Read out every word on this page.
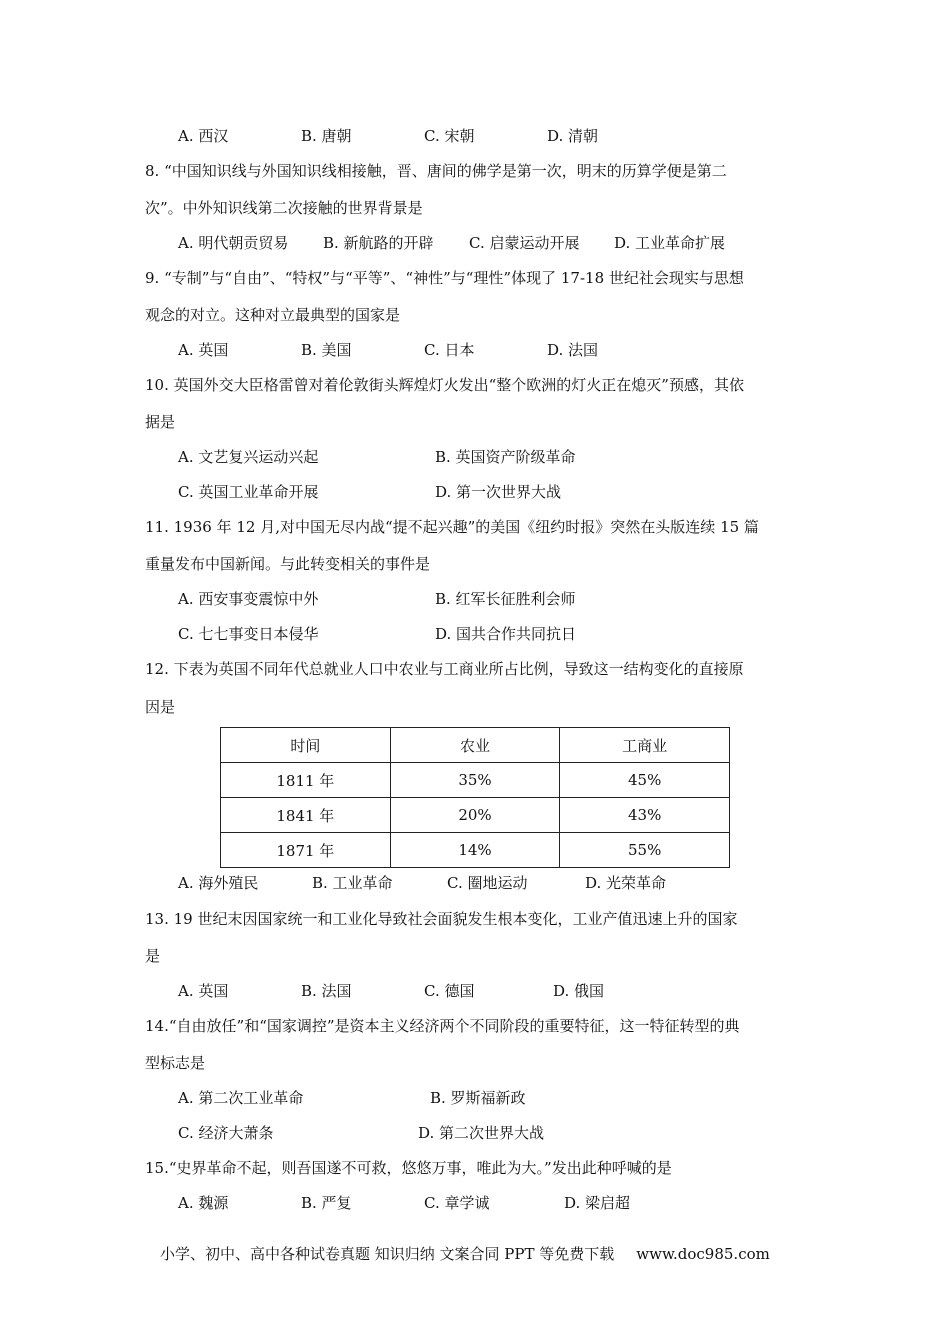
A. 西汉	B. 唐朝	C. 宋朝	D. 清朝
8. “中国知识线与外国知识线相接触，晋、唐间的佛学是第一次，明末的历算学便是第二
次”。中外知识线第二次接触的世界背景是
A. 明代朝贡贸易 B. 新航路的开辟 C. 启蒙运动开展 D. 工业革命扩展
9. “专制”与“自由”、“特权”与“平等”、“神性”与“理性”体现了 17-18 世纪社会现实与思想
观念的对立。这种对立最典型的国家是
A. 英国	B. 美国	C. 日本	D. 法国
10. 英国外交大臣格雷曾对着伦敦街头辉煌灯火发出“整个欧洲的灯火正在熄灭”预感，其依
据是
A. 文艺复兴运动兴起	B. 英国资产阶级革命
C. 英国工业革命开展	D. 第一次世界大战
11. 1936 年 12 月,对中国无尽内战“提不起兴趣”的美国《纽约时报》突然在头版连续 15 篇
重量发布中国新闻。与此转变相关的事件是
A. 西安事变震惊中外	B. 红军长征胜利会师
C. 七七事变日本侵华	D. 国共合作共同抗日
12. 下表为英国不同年代总就业人口中农业与工商业所占比例，导致这一结构变化的直接原
因是
时间	农业	工商业
1811 年	35%	45%
1841 年	20%	43%
1871 年	14%	55%
A. 海外殖民	B. 工业革命	C. 圈地运动	D. 光荣革命
13. 19 世纪末因国家统一和工业化导致社会面貌发生根本变化，工业产值迅速上升的国家
是
A. 英国	B. 法国	C. 德国	D. 俄国
14.“自由放任”和“国家调控”是资本主义经济两个不同阶段的重要特征，这一特征转型的典
型标志是
A. 第二次工业革命	B. 罗斯福新政
C. 经济大萧条	D. 第二次世界大战
15.“史界革命不起，则吾国遂不可救，悠悠万事，唯此为大。”发出此种呼喊的是
A. 魏源	B. 严复	C. 章学诚	D. 梁启超
小学、初中、高中各种试卷真题 知识归纳 文案合同 PPT 等免费下载 www.doc985.com
